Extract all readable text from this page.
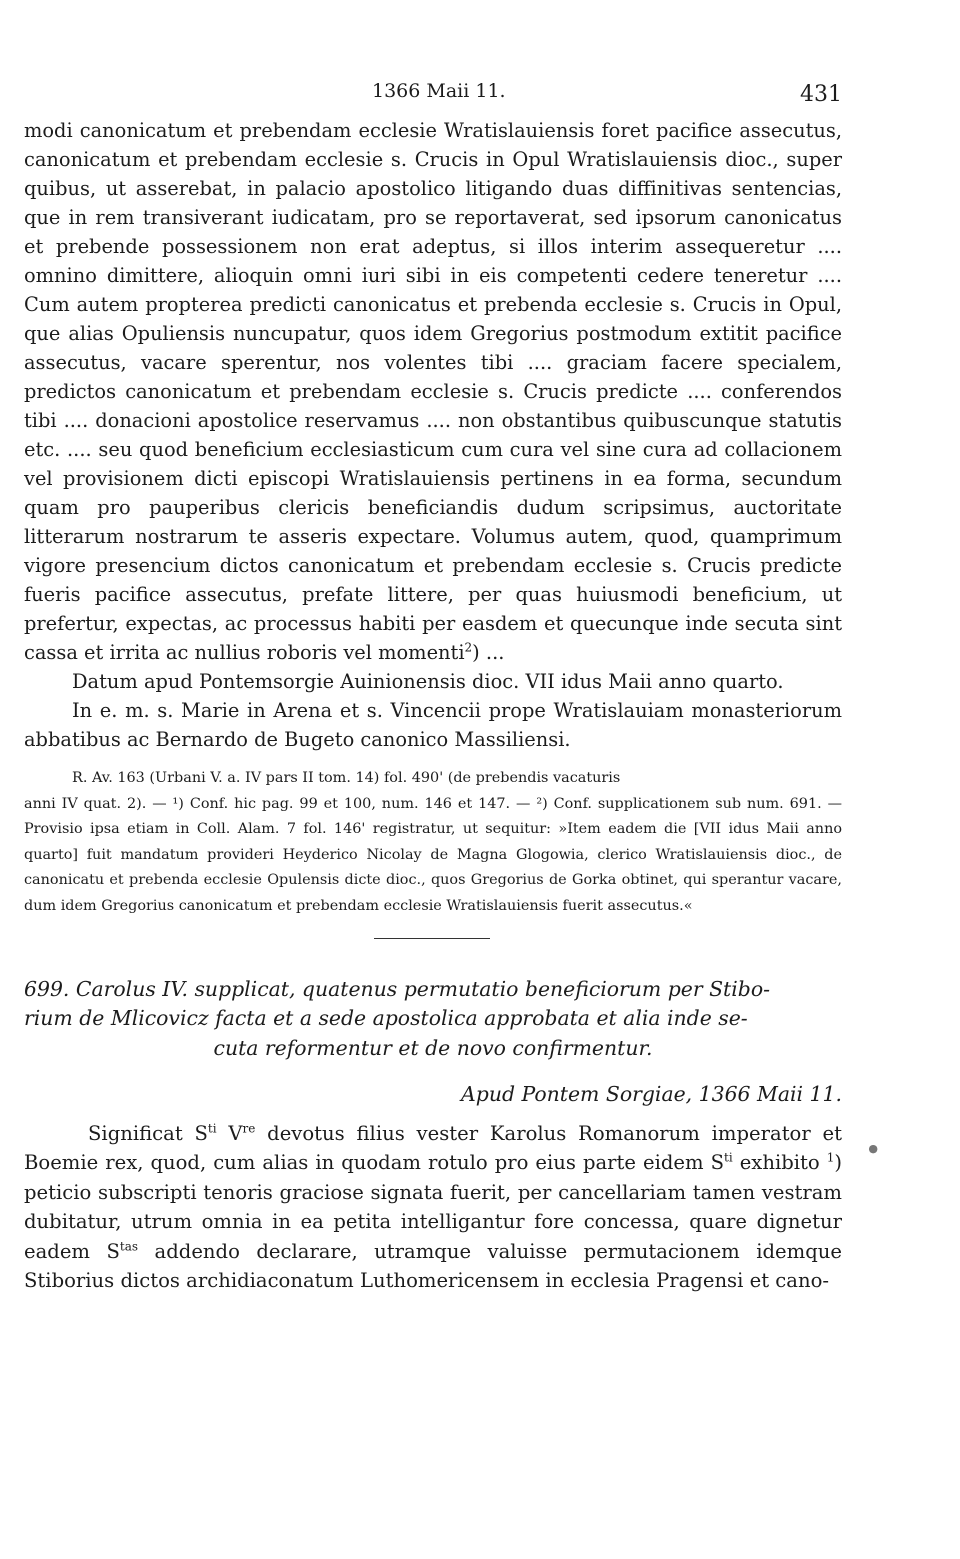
1366 Maii 11.	431

modi canonicatum et prebendam ecclesie Wratislauiensis foret pacifice assecutus, canonicatum et prebendam ecclesie s. Crucis in Opul Wratislauiensis dioc., super quibus, ut asserebat, in palacio apostolico litigando duas diffinitivas sentencias, que in rem transiverant iudicatam, pro se reportaverat, sed ipsorum canonicatus et prebende possessionem non erat adeptus, si illos interim assequeretur .... omnino dimittere, alioquin omni iuri sibi in eis competenti cedere teneretur .... Cum autem propterea predicti canonicatus et prebenda ecclesie s. Crucis in Opul, que alias Opuliensis nuncupatur, quos idem Gregorius postmodum extitit pacifice assecutus, vacare sperentur, nos volentes tibi .... graciam facere specialem, predictos canonicatum et prebendam ecclesie s. Crucis predicte .... conferendos tibi .... donacioni apostolice reservamus .... non obstantibus quibuscunque statutis etc. .... seu quod beneficium ecclesiasticum cum cura vel sine cura ad collacionem vel provisionem dicti episcopi Wratislauiensis pertinens in ea forma, secundum quam pro pauperibus clericis beneficiandis dudum scripsimus, auctoritate litterarum nostrarum te asseris expectare. Volumus autem, quod, quamprimum vigore presencium dictos canonicatum et prebendam ecclesie s. Crucis predicte fueris pacifice assecutus, prefate littere, per quas huiusmodi beneficium, ut prefertur, expectas, ac processus habiti per easdem et quecunque inde secuta sint cassa et irrita ac nullius roboris vel momenti$^2$) ...

Datum apud Pontemsorgie Auinionensis dioc. VII idus Maii anno quarto.

In e. m. s. Marie in Arena et s. Vincencii prope Wratislauiam monasteriorum abbatibus ac Bernardo de Bugeto canonico Massiliensi.

R. Av. 163 (Urbani V. a. IV pars II tom. 14) fol. 490' (de prebendis vacaturis
anni IV quat. 2). — ¹) Conf. hic pag. 99 et 100, num. 146 et 147. — ²) Conf. supplicationem sub num. 691. — Provisio ipsa etiam in Coll. Alam. 7 fol. 146' registratur, ut sequitur: »Item eadem die [VII idus Maii anno quarto] fuit mandatum provideri Heyderico Nicolay de Magna Glogowia, clerico Wratislauiensis dioc., de canonicatu et prebenda ecclesie Opulensis dicte dioc., quos Gregorius de Gorka obtinet, qui sperantur vacare, dum idem Gregorius canonicatum et prebendam ecclesie Wratislauiensis fuerit assecutus.«

699. Carolus IV. supplicat, quatenus permutatio beneficiorum per Stibo-
rium de Mlicovicz facta et a sede apostolica approbata et alia inde se-
cuta reformentur et de novo confirmentur.
Apud Pontem Sorgiae, 1366 Maii 11.

Significat $S^{ti}$ Vre devotus filius vester Karolus Romanorum imperator et Boemie rex, quod, cum alias in quodam rotulo pro eius parte eidem $S^{ti}$ exhibito $^1$) peticio subscripti tenoris graciose signata fuerit, per cancellariam tamen vestram dubitatur, utrum omnia in ea petita intelligantur fore concessa, quare dignetur eadem $S^{tas}$ addendo declarare, utramque valuisse permutacionem idemque Stiborius dictos archidiaconatum Luthomericensem in ecclesia Pragensi et cano-

●
